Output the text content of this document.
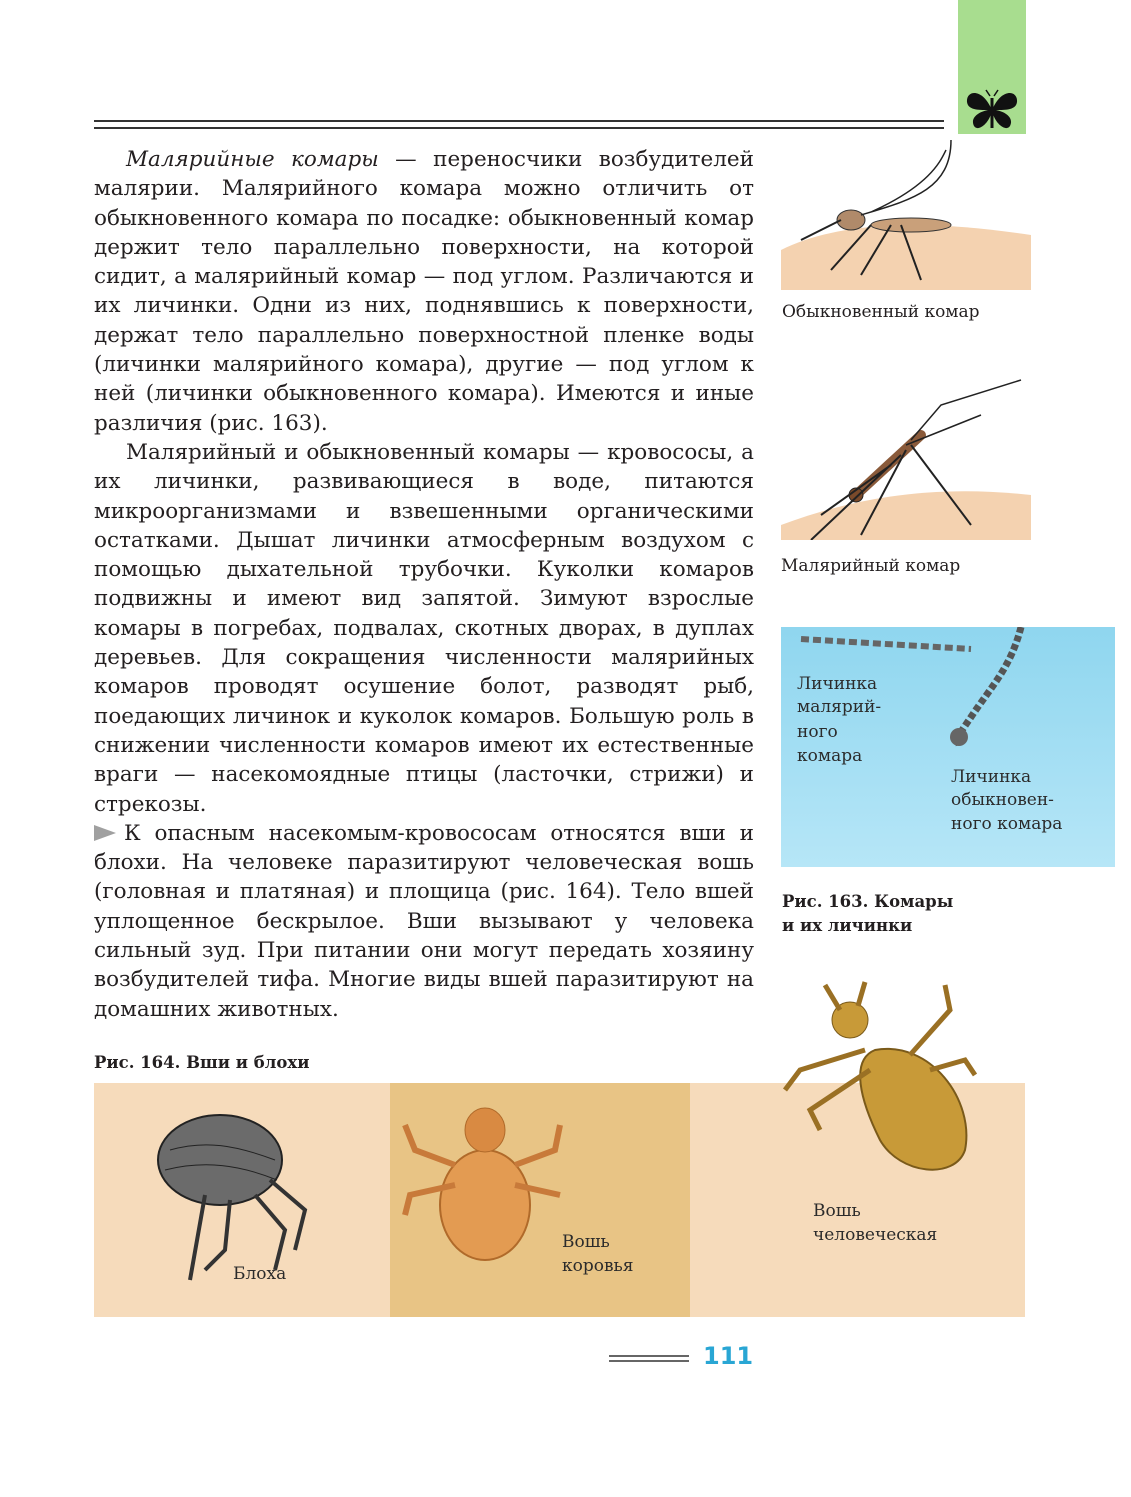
Малярийные комары — переносчики возбудителей малярии. Малярийного комара можно отличить от обыкновенного комара по посадке: обыкновенный комар держит тело параллельно поверхности, на которой сидит, а малярийный комар — под углом. Различаются и их личинки. Одни из них, поднявшись к поверхности, держат тело параллельно поверхностной пленке воды (личинки малярийного комара), другие — под углом к ней (личинки обыкновенного комара). Имеются и иные различия (рис. 163).

Малярийный и обыкновенный комары — кровососы, а их личинки, развивающиеся в воде, питаются микроорганизмами и взвешенными органическими остатками. Дышат личинки атмосферным воздухом с помощью дыхательной трубочки. Куколки комаров подвижны и имеют вид запятой. Зимуют взрослые комары в погребах, подвалах, скотных дворах, в дуплах деревьев. Для сокращения численности малярийных комаров проводят осушение болот, разводят рыб, поедающих личинок и куколок комаров. Большую роль в снижении численности комаров имеют их естественные враги — насекомоядные птицы (ласточки, стрижи) и стрекозы.

К опасным насекомым-кровососам относятся вши и блохи. На человеке паразитируют человеческая вошь (головная и платяная) и площица (рис. 164). Тело вшей уплощенное бескрылое. Вши вызывают у человека сильный зуд. При питании они могут передать хозяину возбудителей тифа. Многие виды вшей паразитируют на домашних животных.

Обыкновенный комар
Малярийный комар
Личинка
малярий-
ного
комара
Личинка
обыкновен-
ного комара
Рис. 163. Комары
и их личинки
Рис. 164. Вши и блохи
Блоха
Вошь
коровья
Вошь
человеческая
111
